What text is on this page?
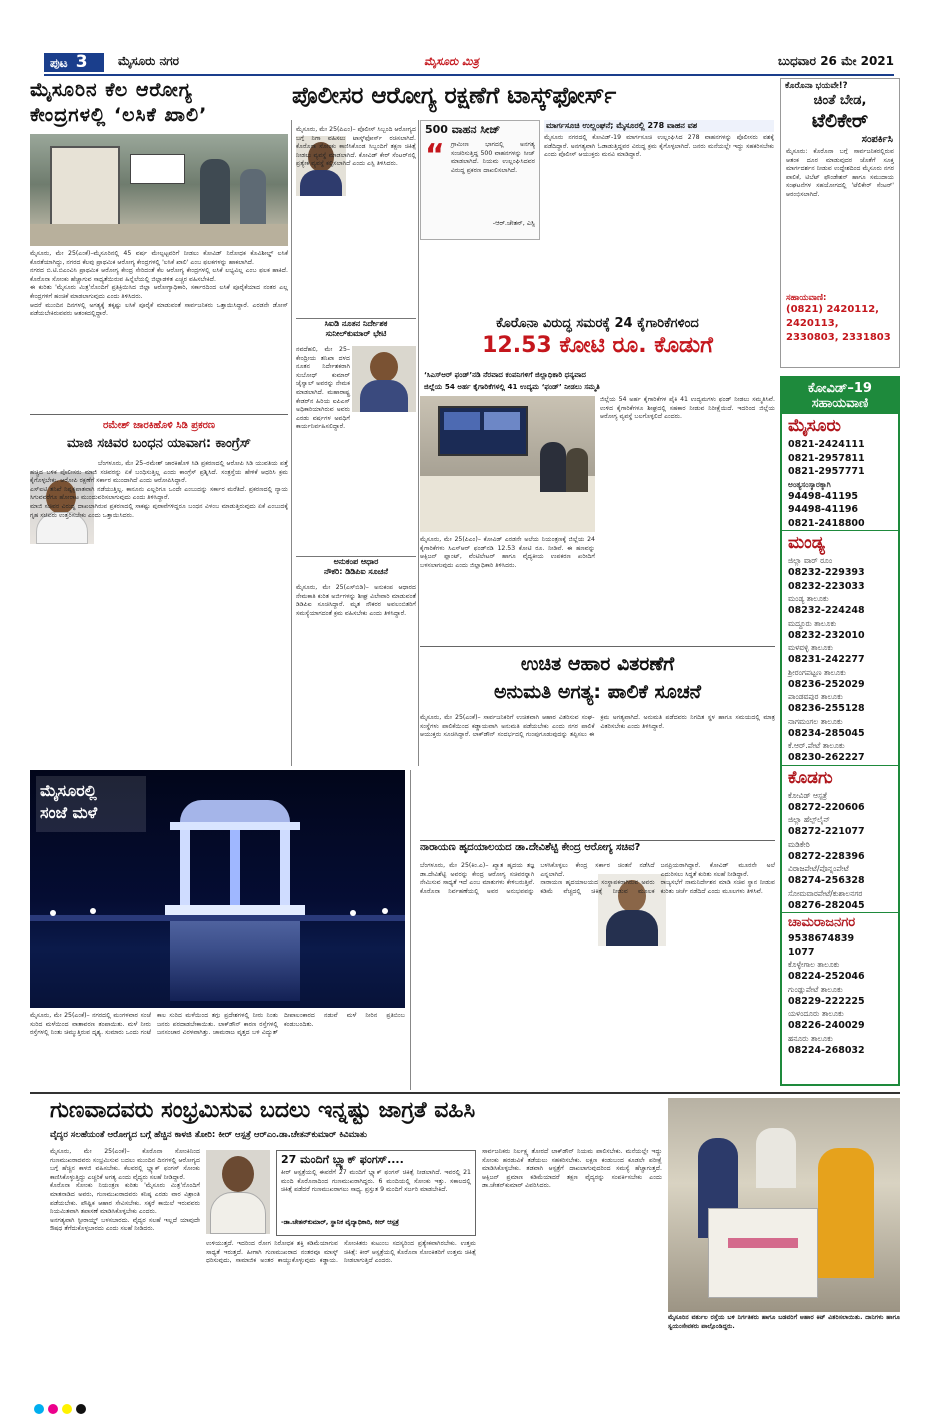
ಪುಟ 3	ಮೈಸೂರು ನಗರ	ಮೈಸೂರು ಮಿತ್ರ	ಬುಧವಾರ 26 ಮೇ 2021
ಮೈಸೂರಿನ ಕೆಲ ಆರೋಗ್ಯ
ಕೇಂದ್ರಗಳಲ್ಲಿ ‘ಲಸಿಕೆ ಖಾಲಿ’
ಮೈಸೂರು, ಮೇ 25(ಎಂಕೆ)–ಮೈಸೂರಿನಲ್ಲಿ 45 ವರ್ಷ ಮೇಲ್ಪಟ್ಟವರಿಗೆ ನೀಡಲು ಕೋವಿಡ್ ನಿರೋಧಕ ಕೊವಿಶೀಲ್ಡ್ ಲಸಿಕೆ ಕೊರತೆಯಾಗಿದ್ದು, ನಗರದ ಕೆಲವು ಪ್ರಾಥಮಿಕ ಆರೋಗ್ಯ ಕೇಂದ್ರಗಳಲ್ಲಿ 'ಲಸಿಕೆ ಖಾಲಿ' ಎಂಬ ಫಲಕಗಳನ್ನು ಹಾಕಲಾಗಿದೆ.
ನಗರದ ಬಿ.ಟಿ.ಬಿಎಂವಿಸಿ ಪ್ರಾಥಮಿಕ ಆರೋಗ್ಯ ಕೇಂದ್ರ ಸೇರಿದಂತೆ ಕೆಲ ಆರೋಗ್ಯ ಕೇಂದ್ರಗಳಲ್ಲಿ ಲಸಿಕೆ ಲಭ್ಯವಿಲ್ಲ ಎಂಬ ಫಲಕ ಹಾಕಿದೆ. ಕೊರೊನಾ ಸೋಂಕು ಹೆಚ್ಚಾಗುವ ಸಾಧ್ಯತೆಯಿರುವ ಹಿನ್ನೆಲೆಯಲ್ಲಿ ಜಿಲ್ಲಾಡಳಿತ ಎಚ್ಚರ ವಹಿಸಬೇಕಿದೆ.
ಈ ಕುರಿತು 'ಮೈಸೂರು ಮಿತ್ರ'ನೊಂದಿಗೆ ಪ್ರತಿಕ್ರಿಯಿಸಿದ ಜಿಲ್ಲಾ ಆರೋಗ್ಯಾಧಿಕಾರಿ, ಸರ್ಕಾರದಿಂದ ಲಸಿಕೆ ಪೂರೈಕೆಯಾದ ನಂತರ ಎಲ್ಲ ಕೇಂದ್ರಗಳಿಗೆ ಹಂಚಿಕೆ ಮಾಡಲಾಗುವುದು ಎಂದು ತಿಳಿಸಿದರು.
ಆದರೆ ಮುಂದಿನ ದಿನಗಳಲ್ಲಿ ಅಗತ್ಯಕ್ಕೆ ತಕ್ಕಷ್ಟು ಲಸಿಕೆ ಪೂರೈಕೆ ಮಾಡುವಂತೆ ಸಾರ್ವಜನಿಕರು ಒತ್ತಾಯಿಸಿದ್ದಾರೆ. ಎರಡನೇ ಡೋಸ್ ಪಡೆಯಬೇಕಿರುವವರು ಆತಂಕದಲ್ಲಿದ್ದಾರೆ.
ರಮೇಶ್ ಜಾರಕಿಹೊಳಿ ಸಿಡಿ ಪ್ರಕರಣ
ಮಾಜಿ ಸಚಿವರ ಬಂಧನ ಯಾವಾಗ: ಕಾಂಗ್ರೆಸ್
ಬೆಂಗಳೂರು, ಮೇ 25–ರಮೇಶ್ ಜಾರಕಿಹೊಳಿ ಸಿಡಿ ಪ್ರಕರಣದಲ್ಲಿ ಆರೋಪಿ ಸಿಡಿ ಯುವತಿಯ ಪತ್ತೆ ಹಚ್ಚಿದ ಬಳಿಕ ಪೊಲೀಸರು ಮಾಜಿ ಸಚಿವರನ್ನು ಏಕೆ ಬಂಧಿಸುತ್ತಿಲ್ಲ ಎಂದು ಕಾಂಗ್ರೆಸ್ ಪ್ರಶ್ನಿಸಿದೆ. ಸಂತ್ರಸ್ತೆಯ ಹೇಳಿಕೆ ಆಧರಿಸಿ ಕ್ರಮ ಕೈಗೊಳ್ಳಬೇಕು. ಆರೋಪಿ ರಕ್ಷಣೆಗೆ ಸರ್ಕಾರ ಮುಂದಾಗಿದೆ ಎಂದು ಆರೋಪಿಸಿದ್ದಾರೆ.
ಎಸ್‌ಐಟಿ ತನಿಖೆ ನಿಷ್ಪಕ್ಷಪಾತವಾಗಿ ನಡೆಯುತ್ತಿಲ್ಲ. ಕಾನೂನು ಎಲ್ಲರಿಗೂ ಒಂದೇ ಎಂಬುದನ್ನು ಸರ್ಕಾರ ಮರೆತಿದೆ. ಪ್ರಕರಣದಲ್ಲಿ ನ್ಯಾಯ ಸಿಗುವವರೆಗೂ ಹೋರಾಟ ಮುಂದುವರಿಸಲಾಗುವುದು ಎಂದು ತಿಳಿಸಿದ್ದಾರೆ.
ಮಾಜಿ ಸಚಿವರ ವಿರುದ್ಧ ದಾಖಲಾಗಿರುವ ಪ್ರಕರಣದಲ್ಲಿ ಸಾಕಷ್ಟು ಪುರಾವೆಗಳಿದ್ದರೂ ಬಂಧನ ವಿಳಂಬ ಮಾಡುತ್ತಿರುವುದು ಏಕೆ ಎಂಬುದಕ್ಕೆ ಗೃಹ ಸಚಿವರು ಉತ್ತರಿಸಬೇಕು ಎಂದು ಒತ್ತಾಯಿಸಿದರು.
ಮೈಸೂರಲ್ಲಿ
ಸಂಜೆ ಮಳೆ
ಮೈಸೂರು, ಮೇ 25(ಎಂಕೆ)– ನಗರದಲ್ಲಿ ಮಂಗಳವಾರ ಸಂಜೆ ಸುರಿದ ಮಳೆಯಿಂದ ವಾತಾವರಣ ತಂಪಾಯಿತು. ಮಳೆ ನೀರು ರಸ್ತೆಗಳಲ್ಲಿ ನಿಂತು ಚಿಮ್ಮುತ್ತಿರುವ ದೃಶ್ಯ. ಸುಮಾರು ಒಂದು ಗಂಟೆ ಕಾಲ ಸುರಿದ ಮಳೆಯಿಂದ ತಗ್ಗು ಪ್ರದೇಶಗಳಲ್ಲಿ ನೀರು ನಿಂತು ಜನರು ಪರದಾಡಬೇಕಾಯಿತು. ಲಾಕ್‌ಡೌನ್ ಕಾರಣ ರಸ್ತೆಗಳಲ್ಲಿ ಜನಸಂಚಾರ ವಿರಳವಾಗಿತ್ತು. ಚಾಮರಾಜ ವೃತ್ತದ ಬಳಿ ವಿದ್ಯುತ್ ದೀಪಾಲಂಕಾರದ ನಡುವೆ ಮಳೆ ನೀರಿನ ಪ್ರತಿಬಿಂಬ ಕಂಡುಬಂದಿತು.
ಪೊಲೀಸರ ಆರೋಗ್ಯ ರಕ್ಷಣೆಗೆ ಟಾಸ್ಕ್‌ಫೋರ್ಸ್
ಮೈಸೂರು, ಮೇ 25(ಪಿಎಂ)– ಪೊಲೀಸ್ ಸಿಬ್ಬಂದಿ ಆರೋಗ್ಯದ ಬಗ್ಗೆ ನಿಗಾ ವಹಿಸಲು ಟಾಸ್ಕ್‌ಫೋರ್ಸ್ ರಚಿಸಲಾಗಿದೆ. ಕೊರೊನಾ ಸೋಂಕು ಕಾಣಿಸಿಕೊಂಡ ಸಿಬ್ಬಂದಿಗೆ ತಕ್ಷಣ ಚಿಕಿತ್ಸೆ ನೀಡಲು ವ್ಯವಸ್ಥೆ ಮಾಡಲಾಗಿದೆ. ಕೋವಿಡ್ ಕೇರ್ ಸೆಂಟರ್‌ನಲ್ಲಿ ಪ್ರತ್ಯೇಕ ವ್ಯವಸ್ಥೆ ಕಲ್ಪಿಸಲಾಗಿದೆ ಎಂದು ಎಸ್ಪಿ ತಿಳಿಸಿದರು.
500 ವಾಹನ ಸೀಜ್
“	ಗ್ರಾಮೀಣ ಭಾಗದಲ್ಲಿ ಅನಗತ್ಯ ಸಂಚರಿಸುತ್ತಿದ್ದ 500 ವಾಹನಗಳನ್ನು ಸೀಜ್ ಮಾಡಲಾಗಿದೆ. ನಿಯಮ ಉಲ್ಲಂಘಿಸಿದವರ ವಿರುದ್ಧ ಪ್ರಕರಣ ದಾಖಲಿಸಲಾಗಿದೆ.
-ಆರ್.ಚೇತನ್, ಎಸ್ಪಿ
ಮಾರ್ಗಸೂಚಿ ಉಲ್ಲಂಘನೆ; ಮೈಸೂರಲ್ಲಿ 278 ವಾಹನ ವಶ
ಮೈಸೂರು ನಗರದಲ್ಲಿ ಕೋವಿಡ್-19 ಮಾರ್ಗಸೂಚಿ ಉಲ್ಲಂಘಿಸಿದ 278 ವಾಹನಗಳನ್ನು ಪೊಲೀಸರು ವಶಕ್ಕೆ ಪಡೆದಿದ್ದಾರೆ. ಅನಗತ್ಯವಾಗಿ ಓಡಾಡುತ್ತಿದ್ದವರ ವಿರುದ್ಧ ಕ್ರಮ ಕೈಗೊಳ್ಳಲಾಗಿದೆ. ಜನರು ಮನೆಯಲ್ಲೇ ಇದ್ದು ಸಹಕರಿಸಬೇಕು ಎಂದು ಪೊಲೀಸ್ ಆಯುಕ್ತರು ಮನವಿ ಮಾಡಿದ್ದಾರೆ.
ಸಿಐಡಿ ನೂತನ ನಿರ್ದೇಶಕ
ಸುನೀಲ್‌ಕುಮಾರ್ ಭೇಟಿ
ನವದೆಹಲಿ, ಮೇ 25– ಕೇಂದ್ರೀಯ ತನಿಖಾ ದಳದ ನೂತನ ನಿರ್ದೇಶಕರಾಗಿ ಸುಬೋಧ್ ಕುಮಾರ್ ಜೈಸ್ವಾಲ್ ಅವರನ್ನು ನೇಮಕ ಮಾಡಲಾಗಿದೆ. ಮಹಾರಾಷ್ಟ್ರ ಕೇಡರ್‌ನ ಹಿರಿಯ ಐಪಿಎಸ್ ಅಧಿಕಾರಿಯಾಗಿರುವ ಅವರು ಎರಡು ವರ್ಷಗಳ ಅವಧಿಗೆ ಕಾರ್ಯನಿರ್ವಹಿಸಲಿದ್ದಾರೆ.
ಅನುಕಂಪ ಆಧಾರ
ನೌಕರಿ: ಡಿಡಿಪಿಐ ಸೂಚನೆ
ಮೈಸೂರು, ಮೇ 25(ಎಸ್‌ಬಿಡಿ)– ಅನುಕಂಪ ಆಧಾರದ ನೇಮಕಾತಿ ಕುರಿತ ಅರ್ಜಿಗಳನ್ನು ಶೀಘ್ರ ವಿಲೇವಾರಿ ಮಾಡುವಂತೆ ಡಿಡಿಪಿಐ ಸೂಚಿಸಿದ್ದಾರೆ. ಮೃತ ನೌಕರರ ಅವಲಂಬಿತರಿಗೆ ಸಮಸ್ಯೆಯಾಗದಂತೆ ಕ್ರಮ ವಹಿಸಬೇಕು ಎಂದು ತಿಳಿಸಿದ್ದಾರೆ.
ಕೊರೊನಾ ವಿರುದ್ಧ ಸಮರಕ್ಕೆ 24 ಕೈಗಾರಿಕೆಗಳಿಂದ
12.53 ಕೋಟಿ ರೂ. ಕೊಡುಗೆ
‘ಸಿಎಸ್‌ಆರ್ ಫಂಡ್’ನಡಿ ನೆರವಾದ ಕಂಪನಿಗಳಿಗೆ ಜಿಲ್ಲಾಧಿಕಾರಿ ಧನ್ಯವಾದ
ಜಿಲ್ಲೆಯ 54 ಅರ್ಹ ಕೈಗಾರಿಕೆಗಳಲ್ಲಿ 41 ಉದ್ಯಮ ‘ಫಂಡ್’ ನೀಡಲು ಸಮ್ಮತಿ
ಮೈಸೂರು, ಮೇ 25(ಪಿಎಂ)– ಕೋವಿಡ್ ಎರಡನೇ ಅಲೆಯ ನಿಯಂತ್ರಣಕ್ಕೆ ಜಿಲ್ಲೆಯ 24 ಕೈಗಾರಿಕೆಗಳು ಸಿಎಸ್‌ಆರ್ ಫಂಡ್‌ನಡಿ 12.53 ಕೋಟಿ ರೂ. ನೀಡಿವೆ. ಈ ಹಣವನ್ನು ಆಕ್ಸಿಜನ್ ಪ್ಲಾಂಟ್, ವೆಂಟಿಲೇಟರ್ ಹಾಗೂ ವೈದ್ಯಕೀಯ ಉಪಕರಣ ಖರೀದಿಗೆ ಬಳಸಲಾಗುವುದು ಎಂದು ಜಿಲ್ಲಾಧಿಕಾರಿ ತಿಳಿಸಿದರು.
ಜಿಲ್ಲೆಯ 54 ಅರ್ಹ ಕೈಗಾರಿಕೆಗಳ ಪೈಕಿ 41 ಉದ್ಯಮಗಳು ಫಂಡ್ ನೀಡಲು ಸಮ್ಮತಿಸಿವೆ. ಉಳಿದ ಕೈಗಾರಿಕೆಗಳೂ ಶೀಘ್ರದಲ್ಲಿ ಸಹಕಾರ ನೀಡುವ ನಿರೀಕ್ಷೆಯಿದೆ. ಇದರಿಂದ ಜಿಲ್ಲೆಯ ಆರೋಗ್ಯ ವ್ಯವಸ್ಥೆ ಬಲಗೊಳ್ಳಲಿದೆ ಎಂದರು.
ಉಚಿತ ಆಹಾರ ವಿತರಣೆಗೆ
ಅನುಮತಿ ಅಗತ್ಯ: ಪಾಲಿಕೆ ಸೂಚನೆ
ಮೈಸೂರು, ಮೇ 25(ಎಂಕೆ)– ಸಾರ್ವಜನಿಕರಿಗೆ ಉಚಿತವಾಗಿ ಆಹಾರ ವಿತರಿಸುವ ಸಂಘ-ಸಂಸ್ಥೆಗಳು ಪಾಲಿಕೆಯಿಂದ ಕಡ್ಡಾಯವಾಗಿ ಅನುಮತಿ ಪಡೆಯಬೇಕು ಎಂದು ನಗರ ಪಾಲಿಕೆ ಆಯುಕ್ತರು ಸೂಚಿಸಿದ್ದಾರೆ. ಲಾಕ್‌ಡೌನ್ ಸಂದರ್ಭದಲ್ಲಿ ಗುಂಪುಗೂಡುವುದನ್ನು ತಪ್ಪಿಸಲು ಈ ಕ್ರಮ ಅಗತ್ಯವಾಗಿದೆ. ಅನುಮತಿ ಪಡೆದವರು ನಿಗದಿತ ಸ್ಥಳ ಹಾಗೂ ಸಮಯದಲ್ಲಿ ಮಾತ್ರ ವಿತರಿಸಬೇಕು ಎಂದು ತಿಳಿಸಿದ್ದಾರೆ.
ನಾರಾಯಣ ಹೃದಯಾಲಯದ ಡಾ.ದೇವಿಶೆಟ್ಟಿ ಕೇಂದ್ರ ಆರೋಗ್ಯ ಸಚಿವ?
ಬೆಂಗಳೂರು, ಮೇ 25(ಕಿಂ.ಎ)– ಖ್ಯಾತ ಹೃದಯ ತಜ್ಞ ಡಾ.ದೇವಿಶೆಟ್ಟಿ ಅವರನ್ನು ಕೇಂದ್ರ ಆರೋಗ್ಯ ಸಚಿವರನ್ನಾಗಿ ನೇಮಿಸುವ ಸಾಧ್ಯತೆ ಇದೆ ಎಂಬ ಮಾತುಗಳು ಕೇಳಿಬರುತ್ತಿವೆ. ಕೊರೊನಾ ನಿರ್ವಹಣೆಯಲ್ಲಿ ಅವರ ಅನುಭವವನ್ನು ಬಳಸಿಕೊಳ್ಳಲು ಕೇಂದ್ರ ಸರ್ಕಾರ ಚಿಂತನೆ ನಡೆಸಿದೆ ಎನ್ನಲಾಗಿದೆ.
ನಾರಾಯಣ ಹೃದಯಾಲಯದ ಸಂಸ್ಥಾಪಕರಾಗಿರುವ ಅವರು ಕಡಿಮೆ ವೆಚ್ಚದಲ್ಲಿ ಚಿಕಿತ್ಸೆ ನೀಡುವ ಮೂಲಕ ಜನಪ್ರಿಯರಾಗಿದ್ದಾರೆ. ಕೋವಿಡ್ ಮೂರನೇ ಅಲೆ ಎದುರಿಸಲು ಸಿದ್ಧತೆ ಕುರಿತು ಸಲಹೆ ನೀಡಿದ್ದಾರೆ.
ರಾಜ್ಯಸಭೆಗೆ ನಾಮನಿರ್ದೇಶನ ಮಾಡಿ ಸಚಿವ ಸ್ಥಾನ ನೀಡುವ ಕುರಿತು ಚರ್ಚೆ ನಡೆದಿದೆ ಎಂದು ಮೂಲಗಳು ತಿಳಿಸಿವೆ.
ಕೊರೊನಾ ಭಯವೇ!?
ಚಿಂತೆ ಬೇಡ,
ಟೆಲಿಕೇರ್
ಸಂಪರ್ಕಿಸಿ
ಮೈಸೂರು: ಕೊರೊನಾ ಬಗ್ಗೆ ಸಾರ್ವಜನಿಕರಲ್ಲಿರುವ ಆತಂಕ ದೂರ ಮಾಡುವುದರ ಜೊತೆಗೆ ಸೂಕ್ತ ಮಾರ್ಗದರ್ಶನ ನೀಡುವ ಉದ್ದೇಶದಿಂದ ಮೈಸೂರು ನಗರ ಪಾಲಿಕೆ, ಟಿಬೆಟ್ ಫೌಂಡೇಶನ್ ಹಾಗೂ ಸಮುದಾಯ ಸಂಘಟನೆಗಳ ಸಹಯೋಗದಲ್ಲಿ 'ಟೆಲಿಕೇರ್ ಸೆಂಟರ್' ಆರಂಭಿಸಲಾಗಿದೆ.
ಸಹಾಯವಾಣಿ:
(0821) 2420112, 2420113, 2330803, 2331803
ಕೋವಿಡ್–19
ಸಹಾಯವಾಣಿ
ಮೈಸೂರು
0821-2424111
0821-2957811
0821-2957771
ಅಂತ್ಯಸಂಸ್ಕಾರಕ್ಕಾಗಿ
94498-41195
94498-41196
0821-2418800
ಮಂಡ್ಯ
ಜಿಲ್ಲಾ ವಾರ್ ರೂಂ
08232-229393
08232-223033
ಮಂಡ್ಯ ತಾಲೂಕು
08232-224248
ಮದ್ದೂರು ತಾಲೂಕು
08232-232010
ಮಳವಳ್ಳಿ ತಾಲೂಕು
08231-242277
ಶ್ರೀರಂಗಪಟ್ಟಣ ತಾಲೂಕು
08236-252029
ಪಾಂಡವಪುರ ತಾಲೂಕು
08236-255128
ನಾಗಮಂಗಲ ತಾಲೂಕು
08234-285045
ಕೆ.ಆರ್.ಪೇಟೆ ತಾಲೂಕು
08230-262227
ಕೊಡಗು
ಕೋವಿಡ್ ಆಸ್ಪತ್ರೆ
08272-220606
ಜಿಲ್ಲಾ ಹೆಲ್ಪ್‌ಲೈನ್
08272-221077
ಮಡಿಕೇರಿ
08272-228396
ವಿರಾಜಪೇಟೆ/ಪೊನ್ನಂಪೇಟೆ
08274-256328
ಸೋಮವಾರಪೇಟೆ/ಕುಶಾಲನಗರ
08276-282045
ಚಾಮರಾಜನಗರ
9538674839
1077
ಕೊಳ್ಳೇಗಾಲ ತಾಲೂಕು
08224-252046
ಗುಂಡ್ಲುಪೇಟೆ ತಾಲೂಕು
08229-222225
ಯಳಂದೂರು ತಾಲೂಕು
08226-240029
ಹನೂರು ತಾಲೂಕು
08224-268032
ಗುಣವಾದವರು ಸಂಭ್ರಮಿಸುವ ಬದಲು ಇನ್ನಷ್ಟು ಜಾಗ್ರತೆ ವಹಿಸಿ
ವೈದ್ಯರ ಸಲಹೆಯಂತೆ ಆರೋಗ್ಯದ ಬಗ್ಗೆ ಹೆಚ್ಚಿನ ಕಾಳಜಿ ತೋರಿ: ಕೀರ್ ಆಸ್ಪತ್ರೆ ಆರ್‌ಎಂ.ಡಾ.ಚೇತನ್‌ಕುಮಾರ್ ಕಿವಿಮಾತು
ಮೈಸೂರು, ಮೇ 25(ಎಂಕೆ)– ಕೊರೊನಾ ಸೋಂಕಿನಿಂದ ಗುಣಮುಖರಾದವರು ಸಂಭ್ರಮಿಸುವ ಬದಲು ಮುಂದಿನ ದಿನಗಳಲ್ಲಿ ಆರೋಗ್ಯದ ಬಗ್ಗೆ ಹೆಚ್ಚಿನ ಕಾಳಜಿ ವಹಿಸಬೇಕು. ಕೆಲವರಲ್ಲಿ ಬ್ಲ್ಯಾಕ್ ಫಂಗಸ್ ಸೋಂಕು ಕಾಣಿಸಿಕೊಳ್ಳುತ್ತಿದ್ದು ಎಚ್ಚರಿಕೆ ಅಗತ್ಯ ಎಂದು ವೈದ್ಯರು ಸಲಹೆ ನೀಡಿದ್ದಾರೆ.
ಕೊರೊನಾ ಸೋಂಕು ನಿಯಂತ್ರಣ ಕುರಿತು 'ಮೈಸೂರು ಮಿತ್ರ'ನೊಂದಿಗೆ ಮಾತನಾಡಿದ ಅವರು, ಗುಣಮುಖರಾದವರು ಕನಿಷ್ಠ ಎರಡು ವಾರ ವಿಶ್ರಾಂತಿ ಪಡೆಯಬೇಕು. ಪೌಷ್ಟಿಕ ಆಹಾರ ಸೇವಿಸಬೇಕು. ಸಕ್ಕರೆ ಕಾಯಿಲೆ ಇರುವವರು ನಿಯಮಿತವಾಗಿ ತಪಾಸಣೆ ಮಾಡಿಸಿಕೊಳ್ಳಬೇಕು ಎಂದರು.
ಅನಗತ್ಯವಾಗಿ ಸ್ಟೀರಾಯ್ಡ್ ಬಳಸಬಾರದು. ವೈದ್ಯರ ಸಲಹೆ ಇಲ್ಲದೆ ಯಾವುದೇ ಔಷಧ ತೆಗೆದುಕೊಳ್ಳಬಾರದು ಎಂದು ಸಲಹೆ ನೀಡಿದರು.
27 ಮಂದಿಗೆ ಬ್ಲ್ಯಾಕ್ ಫಂಗಸ್....
ಕೀರ್ ಆಸ್ಪತ್ರೆಯಲ್ಲಿ ಈವರೆಗೆ 27 ಮಂದಿಗೆ ಬ್ಲ್ಯಾಕ್ ಫಂಗಸ್ ಚಿಕಿತ್ಸೆ ನೀಡಲಾಗಿದೆ. ಇವರಲ್ಲಿ 21 ಮಂದಿ ಕೊರೊನಾದಿಂದ ಗುಣಮುಖರಾಗಿದ್ದರು. 6 ಮಂದಿಯಲ್ಲಿ ಸೋಂಕು ಇತ್ತು. ಸಕಾಲದಲ್ಲಿ ಚಿಕಿತ್ಸೆ ಪಡೆದರೆ ಗುಣಮುಖರಾಗಲು ಸಾಧ್ಯ. ಪ್ರಸ್ತುತ 9 ಮಂದಿಗೆ ಸರ್ಜರಿ ಮಾಡಬೇಕಿದೆ.
-ಡಾ.ಚೇತನ್‌ಕುಮಾರ್, ಸ್ಥಾನಿಕ ವೈದ್ಯಾಧಿಕಾರಿ, ಕೀರ್ ಆಸ್ಪತ್ರೆ
ಉಳಿಯುತ್ತದೆ. ಇದರಿಂದ ರೋಗ ನಿರೋಧಕ ಶಕ್ತಿ ಕಡಿಮೆಯಾಗುವ ಸಾಧ್ಯತೆ ಇರುತ್ತದೆ. ಹೀಗಾಗಿ ಗುಣಮುಖರಾದ ನಂತರವೂ ಮಾಸ್ಕ್ ಧರಿಸುವುದು, ಸಾಮಾಜಿಕ ಅಂತರ ಕಾಯ್ದುಕೊಳ್ಳುವುದು ಕಡ್ಡಾಯ. ಸೋಂಕಿತರು ಕುಟುಂಬ ಸದಸ್ಯರಿಂದ ಪ್ರತ್ಯೇಕವಾಗಿರಬೇಕು. ಉತ್ತಮ ಚಿಕಿತ್ಸೆ: ಕೀರ್ ಆಸ್ಪತ್ರೆಯಲ್ಲಿ ಕೊರೊನಾ ಸೋಂಕಿತರಿಗೆ ಉತ್ತಮ ಚಿಕಿತ್ಸೆ ನೀಡಲಾಗುತ್ತಿದೆ ಎಂದರು.
ಸಾರ್ವಜನಿಕರು ನಿರ್ಲಕ್ಷ್ಯ ತೋರದೆ ಲಾಕ್‌ಡೌನ್ ನಿಯಮ ಪಾಲಿಸಬೇಕು. ಮನೆಯಲ್ಲೇ ಇದ್ದು ಸೋಂಕು ಹರಡುವಿಕೆ ತಡೆಯಲು ಸಹಕರಿಸಬೇಕು. ಲಕ್ಷಣ ಕಂಡುಬಂದ ಕೂಡಲೇ ಪರೀಕ್ಷೆ ಮಾಡಿಸಿಕೊಳ್ಳಬೇಕು. ತಡವಾಗಿ ಆಸ್ಪತ್ರೆಗೆ ದಾಖಲಾಗುವುದರಿಂದ ಸಮಸ್ಯೆ ಹೆಚ್ಚಾಗುತ್ತದೆ. ಆಕ್ಸಿಜನ್ ಪ್ರಮಾಣ ಕಡಿಮೆಯಾದರೆ ತಕ್ಷಣ ವೈದ್ಯರನ್ನು ಸಂಪರ್ಕಿಸಬೇಕು ಎಂದು ಡಾ.ಚೇತನ್‌ಕುಮಾರ್ ವಿವರಿಸಿದರು.
ಮೈಸೂರಿನ ವರ್ತುಲ ರಸ್ತೆಯ ಬಳಿ ನಿರ್ಗತಿಕರು ಹಾಗೂ ಬಡವರಿಗೆ ಆಹಾರ ಕಿಟ್ ವಿತರಿಸಲಾಯಿತು. ದಾನಿಗಳು ಹಾಗೂ ಸ್ವಯಂಸೇವಕರು ಪಾಲ್ಗೊಂಡಿದ್ದರು.
